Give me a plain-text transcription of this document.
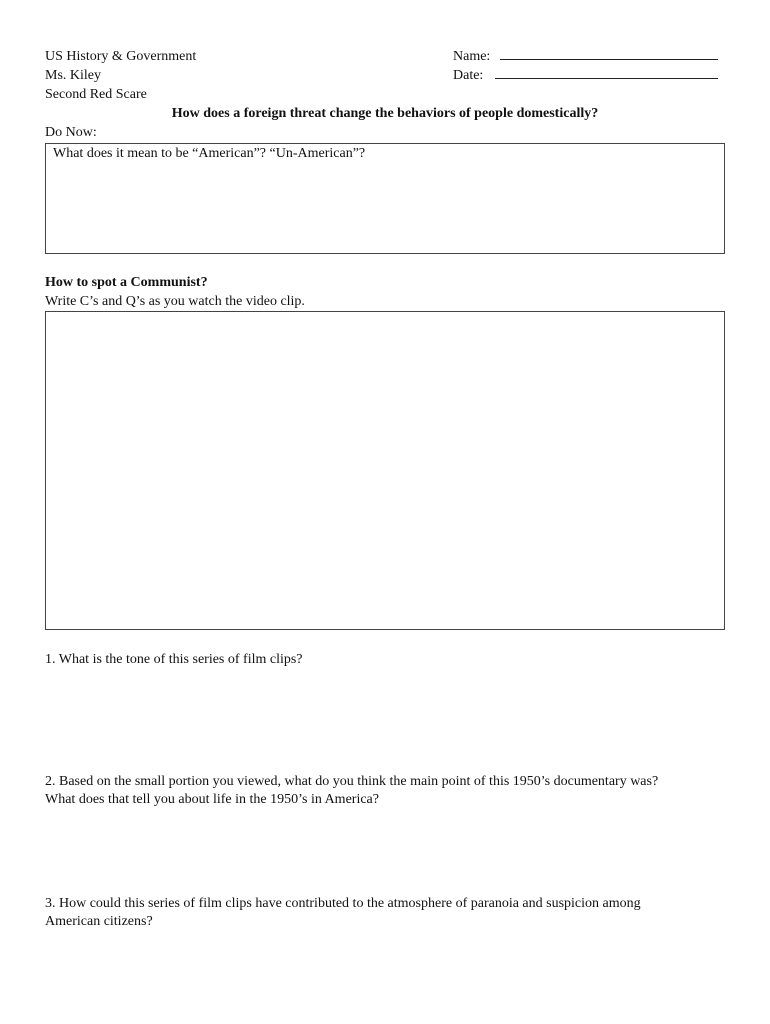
US History & Government
Ms. Kiley
Second Red Scare
Name:
Date:
How does a foreign threat change the behaviors of people domestically?
Do Now:
What does it mean to be “American”? “Un-American”?
How to spot a Communist?
Write C’s and Q’s as you watch the video clip.
1. What is the tone of this series of film clips?
2. Based on the small portion you viewed, what do you think the main point of this 1950’s documentary was?
What does that tell you about life in the 1950’s in America?
3. How could this series of film clips have contributed to the atmosphere of paranoia and suspicion among
American citizens?
